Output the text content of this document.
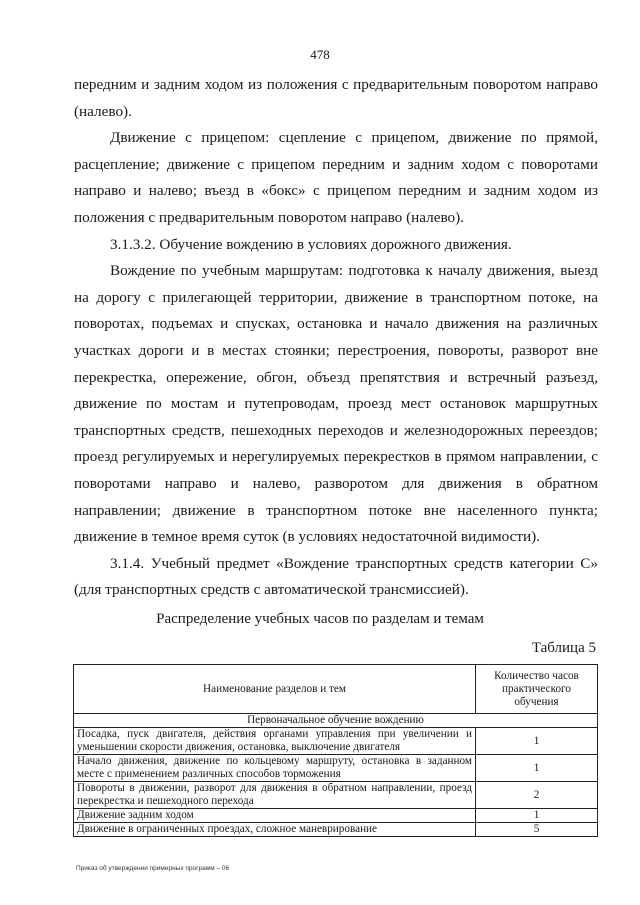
478

передним и задним ходом из положения с предварительным поворотом направо (налево).

Движение с прицепом: сцепление с прицепом, движение по прямой, расцепление; движение с прицепом передним и задним ходом с поворотами направо и налево; въезд в «бокс» с прицепом передним и задним ходом из положения с предварительным поворотом направо (налево).

3.1.3.2. Обучение вождению в условиях дорожного движения.

Вождение по учебным маршрутам: подготовка к началу движения, выезд на дорогу с прилегающей территории, движение в транспортном потоке, на поворотах, подъемах и спусках, остановка и начало движения на различных участках дороги и в местах стоянки; перестроения, повороты, разворот вне перекрестка, опережение, обгон, объезд препятствия и встречный разъезд, движение по мостам и путепроводам, проезд мест остановок маршрутных транспортных средств, пешеходных переходов и железнодорожных переездов; проезд регулируемых и нерегулируемых перекрестков в прямом направлении, с поворотами направо и налево, разворотом для движения в обратном направлении; движение в транспортном потоке вне населенного пункта; движение в темное время суток (в условиях недостаточной видимости).

3.1.4. Учебный предмет «Вождение транспортных средств категории C» (для транспортных средств с автоматической трансмиссией).

Распределение учебных часов по разделам и темам
Таблица 5
Наименование разделов и тем	Количество часов практического обучения
Первоначальное обучение вождению	
Посадка, пуск двигателя, действия органами управления при увеличении и уменьшении скорости движения, остановка, выключение двигателя	1
Начало движения, движение по кольцевому маршруту, остановка в заданном месте с применением различных способов торможения	1
Повороты в движении, разворот для движения в обратном направлении, проезд перекрестка и пешеходного перехода	2
Движение задним ходом	1
Движение в ограниченных проездах, сложное маневрирование	5
Приказ об утверждении примерных программ – 06
